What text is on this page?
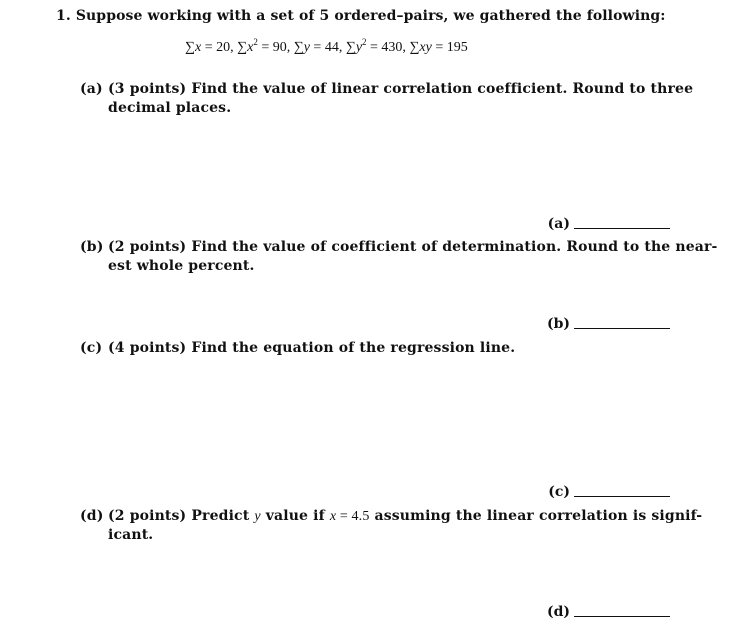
1. Suppose working with a set of 5 ordered–pairs, we gathered the following:
∑x = 20, $\sum x^2 = 90$, ∑y = 44, $\sum y^2 = 430$, ∑xy = 195
(a) (3 points) Find the value of linear correlation coefficient. Round to three
decimal places.
(a)
(b) (2 points) Find the value of coefficient of determination. Round to the near-
est whole percent.
(b)
(c) (4 points) Find the equation of the regression line.
(c)
(d) (2 points) Predict y value if x = 4.5 assuming the linear correlation is signif-
icant.
(d)
